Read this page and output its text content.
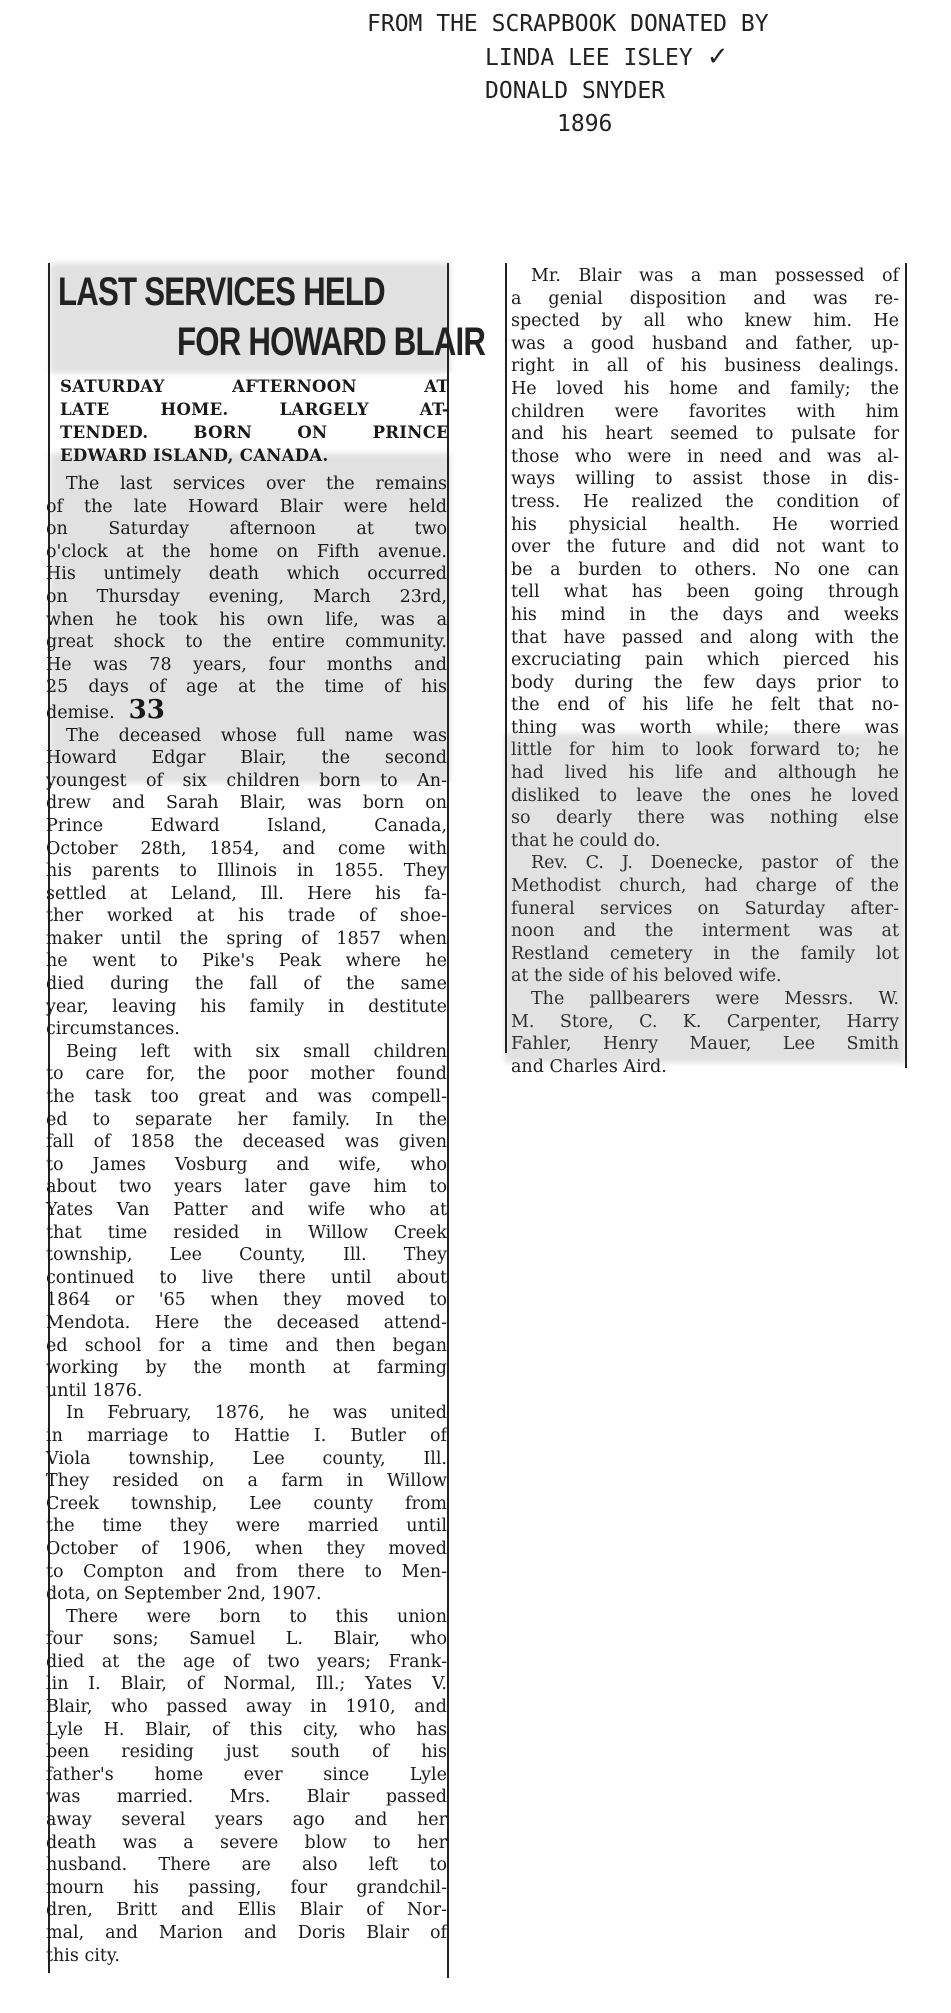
FROM THE SCRAPBOOK DONATED BY
LINDA LEE ISLEY ✓
DONALD SNYDER
1896
LAST SERVICES HELD
FOR HOWARD BLAIR
SATURDAY AFTERNOON AT
LATE HOME. LARGELY AT-
TENDED. BORN ON PRINCE
EDWARD ISLAND, CANADA.
The last services over the remains
of the late Howard Blair were held
on Saturday afternoon at two
o'clock at the home on Fifth avenue.
His untimely death which occurred
on Thursday evening, March 23rd,
when he took his own life, was a
great shock to the entire community.
He was 78 years, four months and
25 days of age at the time of his
demise. 33
The deceased whose full name was
Howard Edgar Blair, the second
youngest of six children born to An-
drew and Sarah Blair, was born on
Prince Edward Island, Canada,
October 28th, 1854, and come with
his parents to Illinois in 1855. They
settled at Leland, Ill. Here his fa-
ther worked at his trade of shoe-
maker until the spring of 1857 when
he went to Pike's Peak where he
died during the fall of the same
year, leaving his family in destitute
circumstances.
Being left with six small children
to care for, the poor mother found
the task too great and was compell-
ed to separate her family. In the
fall of 1858 the deceased was given
to James Vosburg and wife, who
about two years later gave him to
Yates Van Patter and wife who at
that time resided in Willow Creek
township, Lee County, Ill. They
continued to live there until about
1864 or '65 when they moved to
Mendota. Here the deceased attend-
ed school for a time and then began
working by the month at farming
until 1876.
In February, 1876, he was united
in marriage to Hattie I. Butler of
Viola township, Lee county, Ill.
They resided on a farm in Willow
Creek township, Lee county from
the time they were married until
October of 1906, when they moved
to Compton and from there to Men-
dota, on September 2nd, 1907.
There were born to this union
four sons; Samuel L. Blair, who
died at the age of two years; Frank-
lin I. Blair, of Normal, Ill.; Yates V.
Blair, who passed away in 1910, and
Lyle H. Blair, of this city, who has
been residing just south of his
father's home ever since Lyle
was married. Mrs. Blair passed
away several years ago and her
death was a severe blow to her
husband. There are also left to
mourn his passing, four grandchil-
dren, Britt and Ellis Blair of Nor-
mal, and Marion and Doris Blair of
this city.
Mr. Blair was a man possessed of
a genial disposition and was re-
spected by all who knew him. He
was a good husband and father, up-
right in all of his business dealings.
He loved his home and family; the
children were favorites with him
and his heart seemed to pulsate for
those who were in need and was al-
ways willing to assist those in dis-
tress. He realized the condition of
his physicial health. He worried
over the future and did not want to
be a burden to others. No one can
tell what has been going through
his mind in the days and weeks
that have passed and along with the
excruciating pain which pierced his
body during the few days prior to
the end of his life he felt that no-
thing was worth while; there was
little for him to look forward to; he
had lived his life and although he
disliked to leave the ones he loved
so dearly there was nothing else
that he could do.
Rev. C. J. Doenecke, pastor of the
Methodist church, had charge of the
funeral services on Saturday after-
noon and the interment was at
Restland cemetery in the family lot
at the side of his beloved wife.
The pallbearers were Messrs. W.
M. Store, C. K. Carpenter, Harry
Fahler, Henry Mauer, Lee Smith
and Charles Aird.
